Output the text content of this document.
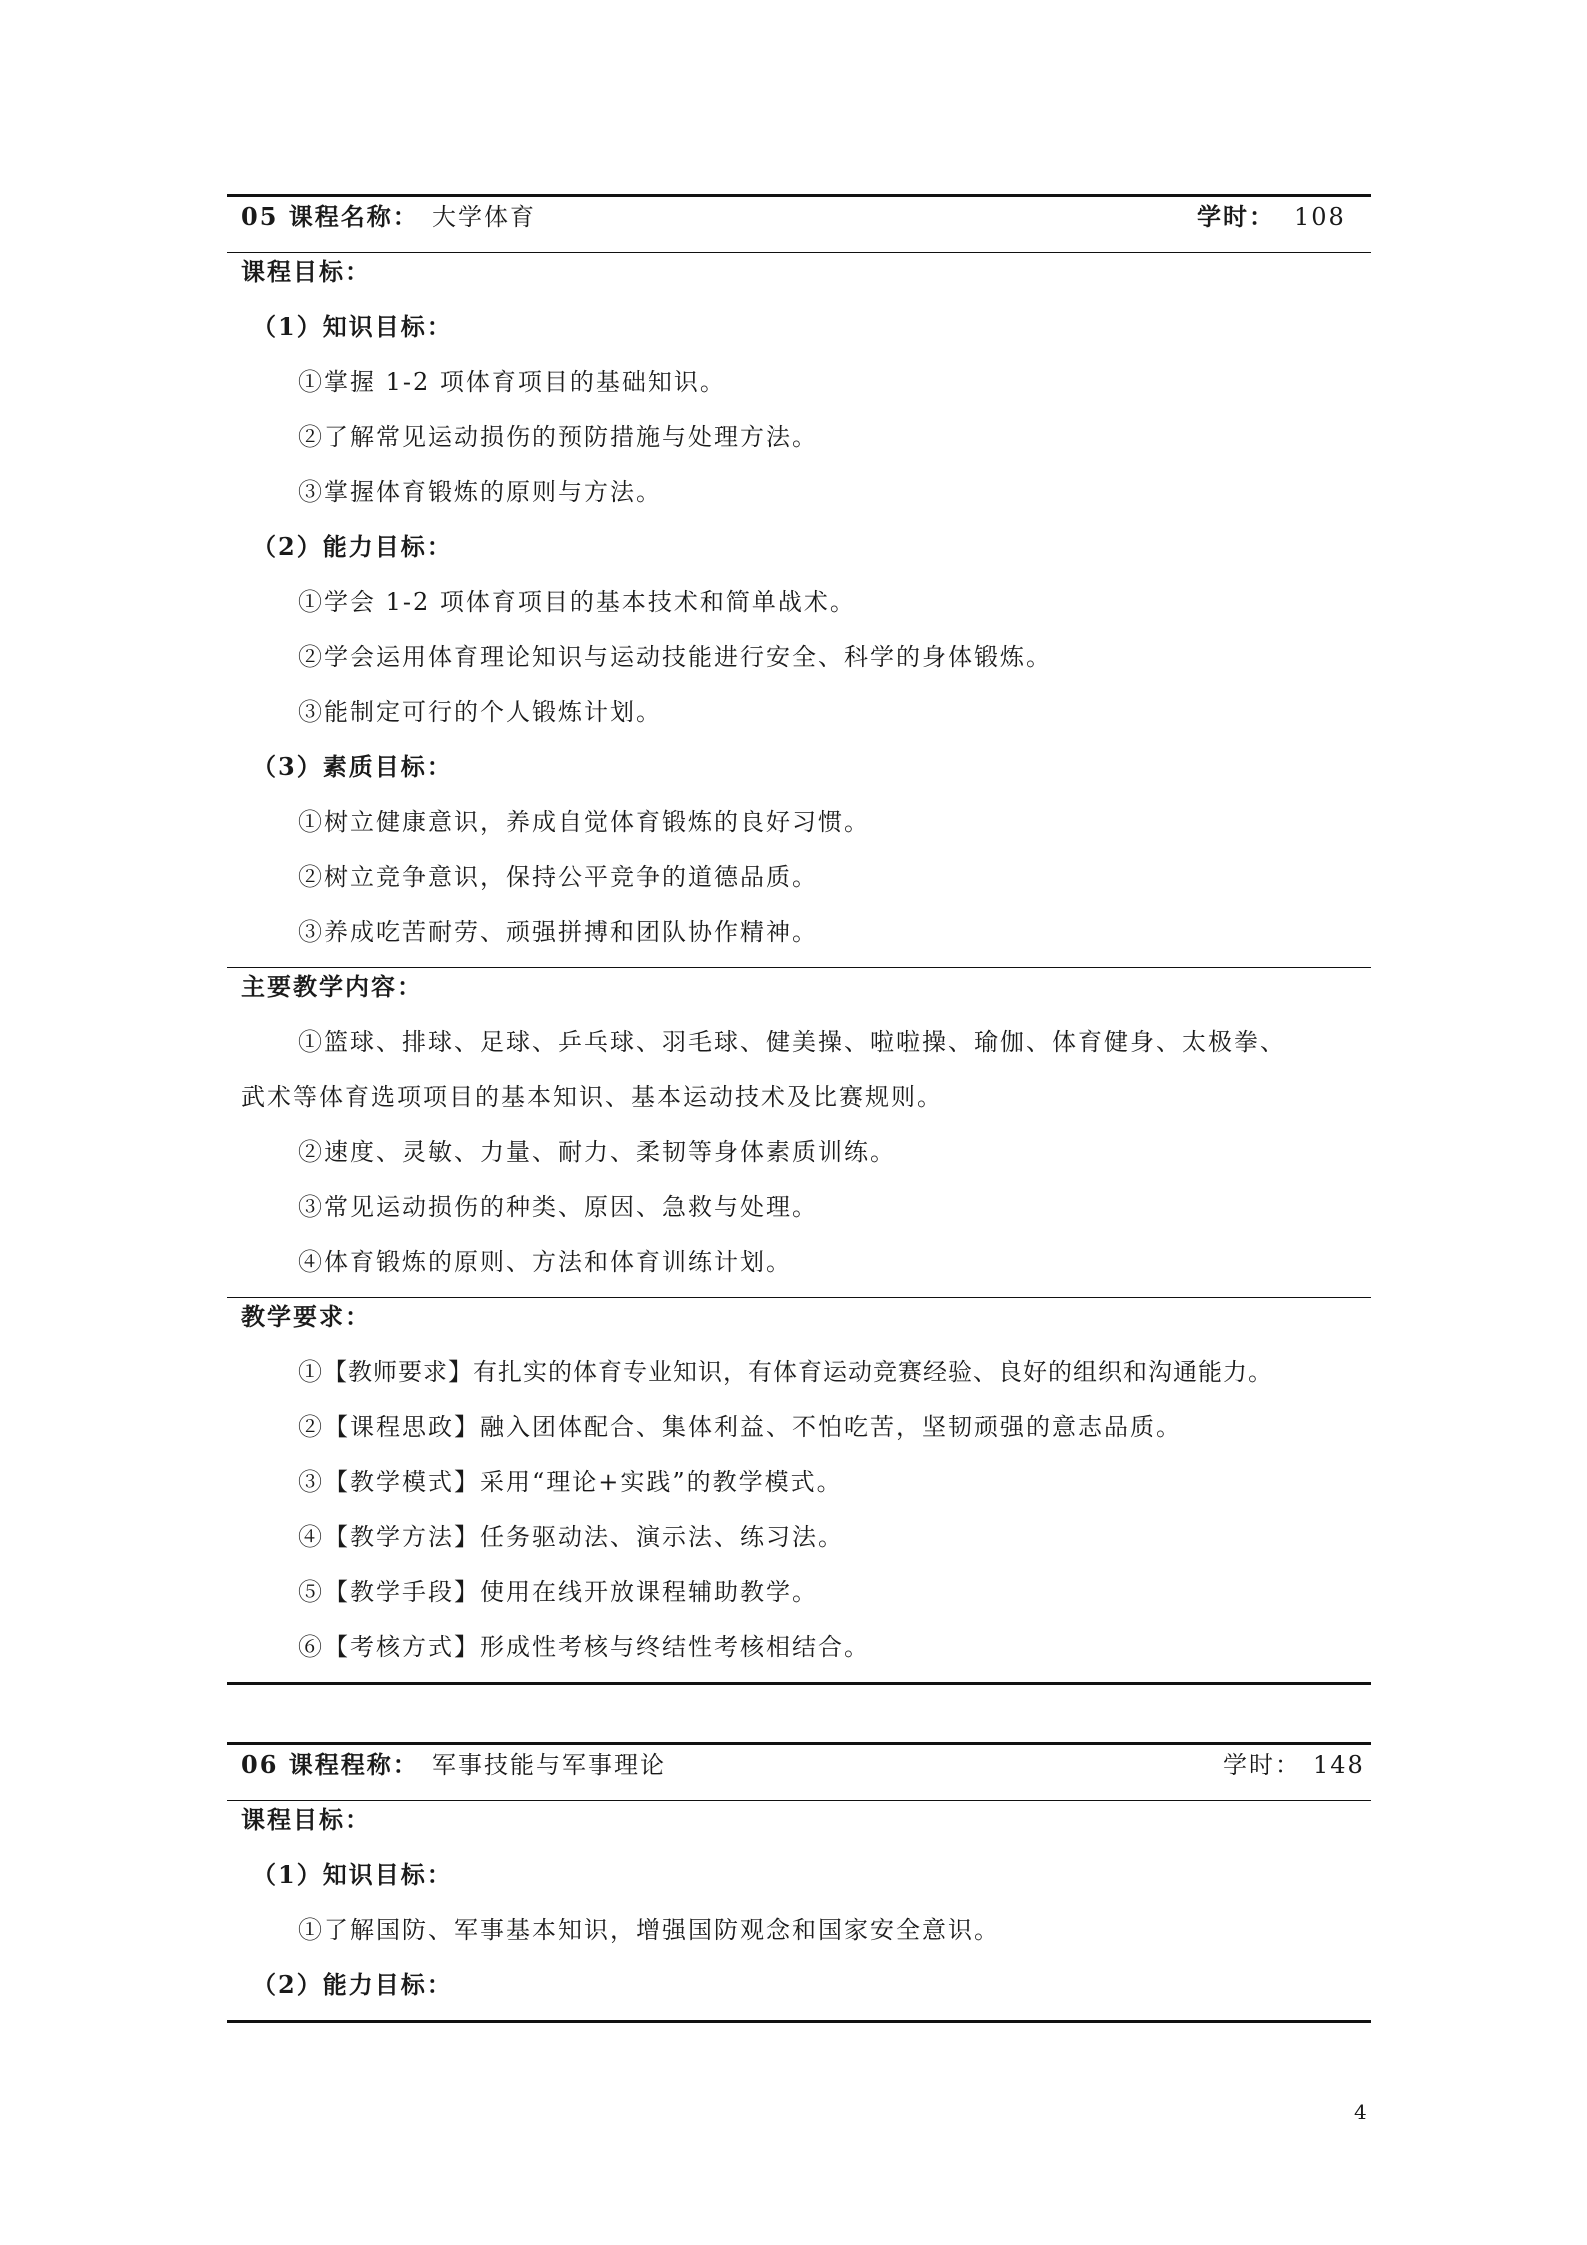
05 课程名称： 大学体育	学时： 108
课程目标：
（1）知识目标：
①掌握 1-2 项体育项目的基础知识。
②了解常见运动损伤的预防措施与处理方法。
③掌握体育锻炼的原则与方法。
（2）能力目标：
①学会 1-2 项体育项目的基本技术和简单战术。
②学会运用体育理论知识与运动技能进行安全、科学的身体锻炼。
③能制定可行的个人锻炼计划。
（3）素质目标：
①树立健康意识，养成自觉体育锻炼的良好习惯。
②树立竞争意识，保持公平竞争的道德品质。
③养成吃苦耐劳、顽强拼搏和团队协作精神。
主要教学内容：
①篮球、排球、足球、乒乓球、羽毛球、健美操、啦啦操、瑜伽、体育健身、太极拳、
武术等体育选项项目的基本知识、基本运动技术及比赛规则。
②速度、灵敏、力量、耐力、柔韧等身体素质训练。
③常见运动损伤的种类、原因、急救与处理。
④体育锻炼的原则、方法和体育训练计划。
教学要求：
①【教师要求】有扎实的体育专业知识，有体育运动竞赛经验、良好的组织和沟通能力。
②【课程思政】融入团体配合、集体利益、不怕吃苦，坚韧顽强的意志品质。
③【教学模式】采用“理论+实践”的教学模式。
④【教学方法】任务驱动法、演示法、练习法。
⑤【教学手段】使用在线开放课程辅助教学。
⑥【考核方式】形成性考核与终结性考核相结合。
06 课程程称： 军事技能与军事理论	学时： 148
课程目标：
（1）知识目标：
①了解国防、军事基本知识，增强国防观念和国家安全意识。
（2）能力目标：
4
